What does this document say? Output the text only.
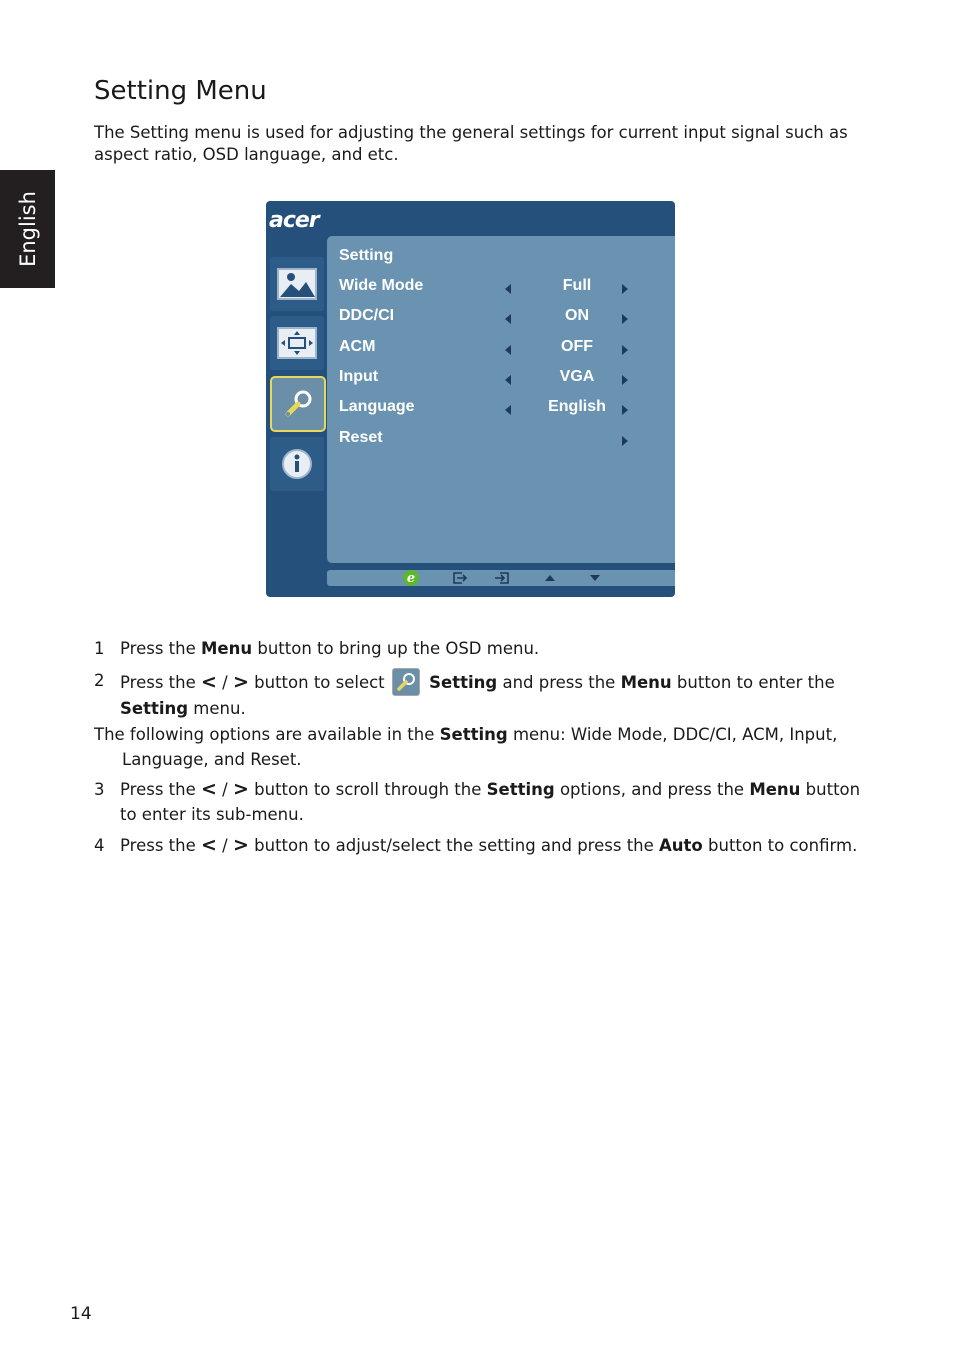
English
Setting Menu

The Setting menu is used for adjusting the general settings for current input signal such as aspect ratio, OSD language, and etc.

acer
Setting
Wide Mode	Full
DDC/CI	ON
ACM	OFF
Input	VGA
Language	English
Reset
e
1 Press the Menu button to bring up the OSD menu.
2 Press the < / > button to select  Setting and press the Menu button to enter the Setting menu.
The following options are available in the Setting menu: Wide Mode, DDC/CI, ACM, Input, Language, and Reset.
3 Press the < / > button to scroll through the Setting options, and press the Menu button to enter its sub-menu.
4 Press the < / > button to adjust/select the setting and press the Auto button to confirm.
14
